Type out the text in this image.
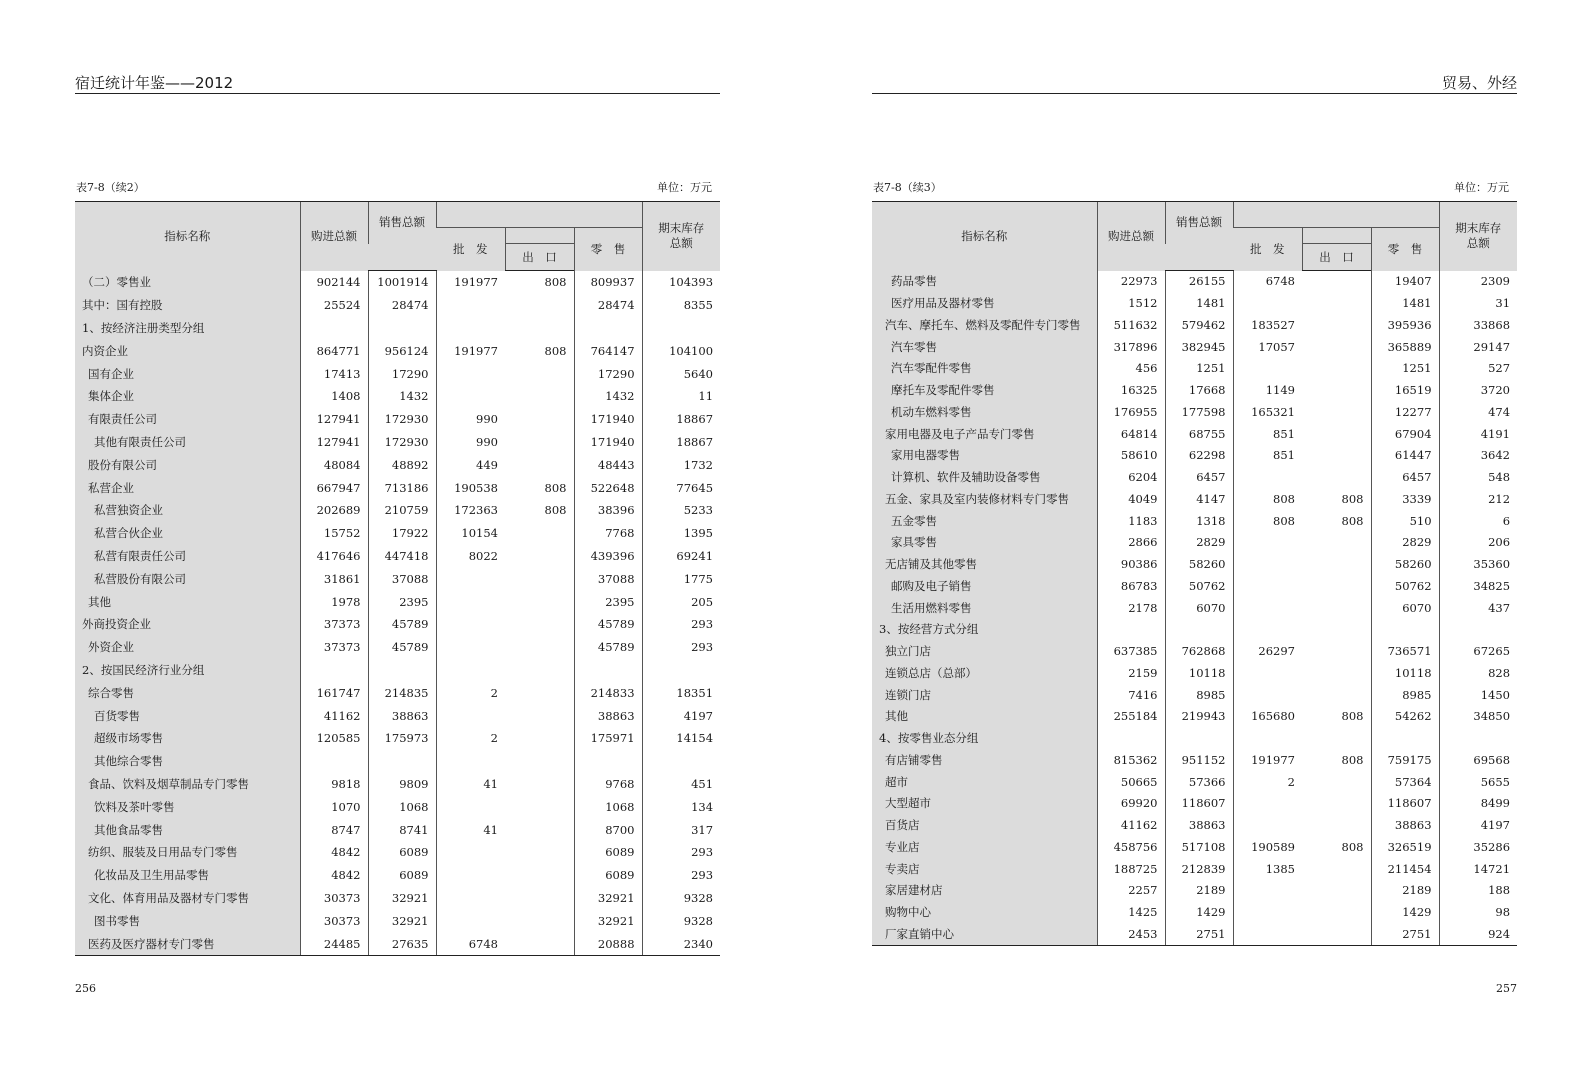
宿迁统计年鉴——2012
表7-8（续2）	单位：万元
指标名称	购进总额	销售总额				期末库存
总额

			批　发		零　售	
				出　口		
（二）零售业	902144	1001914	191977	808	809937	104393
其中：国有控股	25524	28474			28474	8355
1、按经济注册类型分组						
内资企业	864771	956124	191977	808	764147	104100
国有企业	17413	17290			17290	5640
集体企业	1408	1432			1432	11
有限责任公司	127941	172930	990		171940	18867
其他有限责任公司	127941	172930	990		171940	18867
股份有限公司	48084	48892	449		48443	1732
私营企业	667947	713186	190538	808	522648	77645
私营独资企业	202689	210759	172363	808	38396	5233
私营合伙企业	15752	17922	10154		7768	1395
私营有限责任公司	417646	447418	8022		439396	69241
私营股份有限公司	31861	37088			37088	1775
其他	1978	2395			2395	205
外商投资企业	37373	45789			45789	293
外资企业	37373	45789			45789	293
2、按国民经济行业分组						
综合零售	161747	214835	2		214833	18351
百货零售	41162	38863			38863	4197
超级市场零售	120585	175973	2		175971	14154
其他综合零售						
食品、饮料及烟草制品专门零售	9818	9809	41		9768	451
饮料及茶叶零售	1070	1068			1068	134
其他食品零售	8747	8741	41		8700	317
纺织、服装及日用品专门零售	4842	6089			6089	293
化妆品及卫生用品零售	4842	6089			6089	293
文化、体育用品及器材专门零售	30373	32921			32921	9328
图书零售	30373	32921			32921	9328
医药及医疗器材专门零售	24485	27635	6748		20888	2340
256
贸易、外经
表7-8（续3）	单位：万元
指标名称	购进总额	销售总额				期末库存
总额

			批　发		零　售	
				出　口		
药品零售	22973	26155	6748		19407	2309
医疗用品及器材零售	1512	1481			1481	31
汽车、摩托车、燃料及零配件专门零售	511632	579462	183527		395936	33868
汽车零售	317896	382945	17057		365889	29147
汽车零配件零售	456	1251			1251	527
摩托车及零配件零售	16325	17668	1149		16519	3720
机动车燃料零售	176955	177598	165321		12277	474
家用电器及电子产品专门零售	64814	68755	851		67904	4191
家用电器零售	58610	62298	851		61447	3642
计算机、软件及辅助设备零售	6204	6457			6457	548
五金、家具及室内装修材料专门零售	4049	4147	808	808	3339	212
五金零售	1183	1318	808	808	510	6
家具零售	2866	2829			2829	206
无店铺及其他零售	90386	58260			58260	35360
邮购及电子销售	86783	50762			50762	34825
生活用燃料零售	2178	6070			6070	437
3、按经营方式分组						
独立门店	637385	762868	26297		736571	67265
连锁总店（总部）	2159	10118			10118	828
连锁门店	7416	8985			8985	1450
其他	255184	219943	165680	808	54262	34850
4、按零售业态分组						
有店铺零售	815362	951152	191977	808	759175	69568
超市	50665	57366	2		57364	5655
大型超市	69920	118607			118607	8499
百货店	41162	38863			38863	4197
专业店	458756	517108	190589	808	326519	35286
专卖店	188725	212839	1385		211454	14721
家居建材店	2257	2189			2189	188
购物中心	1425	1429			1429	98
厂家直销中心	2453	2751			2751	924
257
